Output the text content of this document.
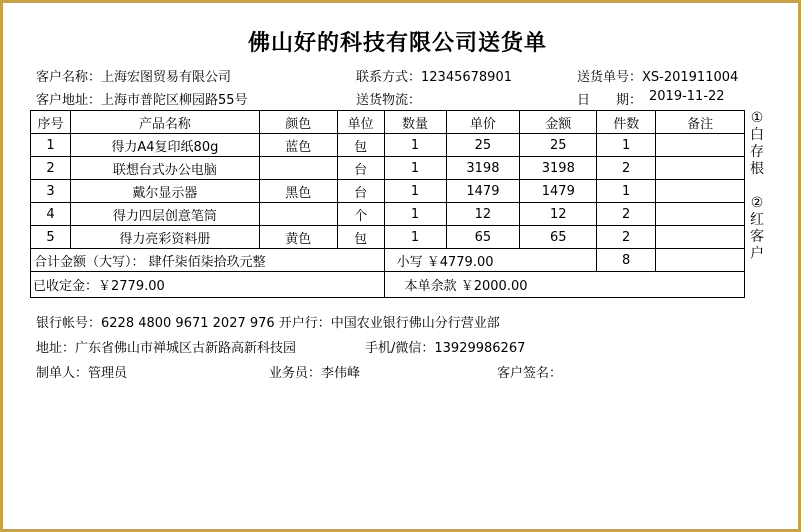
佛山好的科技有限公司送货单
客户名称：上海宏图贸易有限公司	联系方式：12345678901	送货单号：XS-201911004
客户地址：上海市普陀区柳园路55号	送货物流：	日　　期： 2019-11-22
序号	产品名称	颜色	单位	数量	单价	金额	件数	备注
1	得力A4复印纸80g	蓝色	包	1	25	25	1	
2	联想台式办公电脑		台	1	3198	3198	2	
3	戴尔显示器	黑色	台	1	1479	1479	1	
4	得力四层创意笔筒		个	1	12	12	2	
5	得力亮彩资料册	黄色	包	1	65	65	2	
合计金额（大写）： 肆仟柒佰柒拾玖元整				小写 ￥4779.00			8	
已收定金：￥2779.00				本单余款 ￥2000.00				
①
白
存
根
②
红
客
户
银行帐号：6228 4800 9671 2027 976 开户行：中国农业银行佛山分行营业部
地址：广东省佛山市禅城区古新路高新科技园	手机/微信：13929986267
制单人：管理员	业务员：李伟峰	客户签名：
